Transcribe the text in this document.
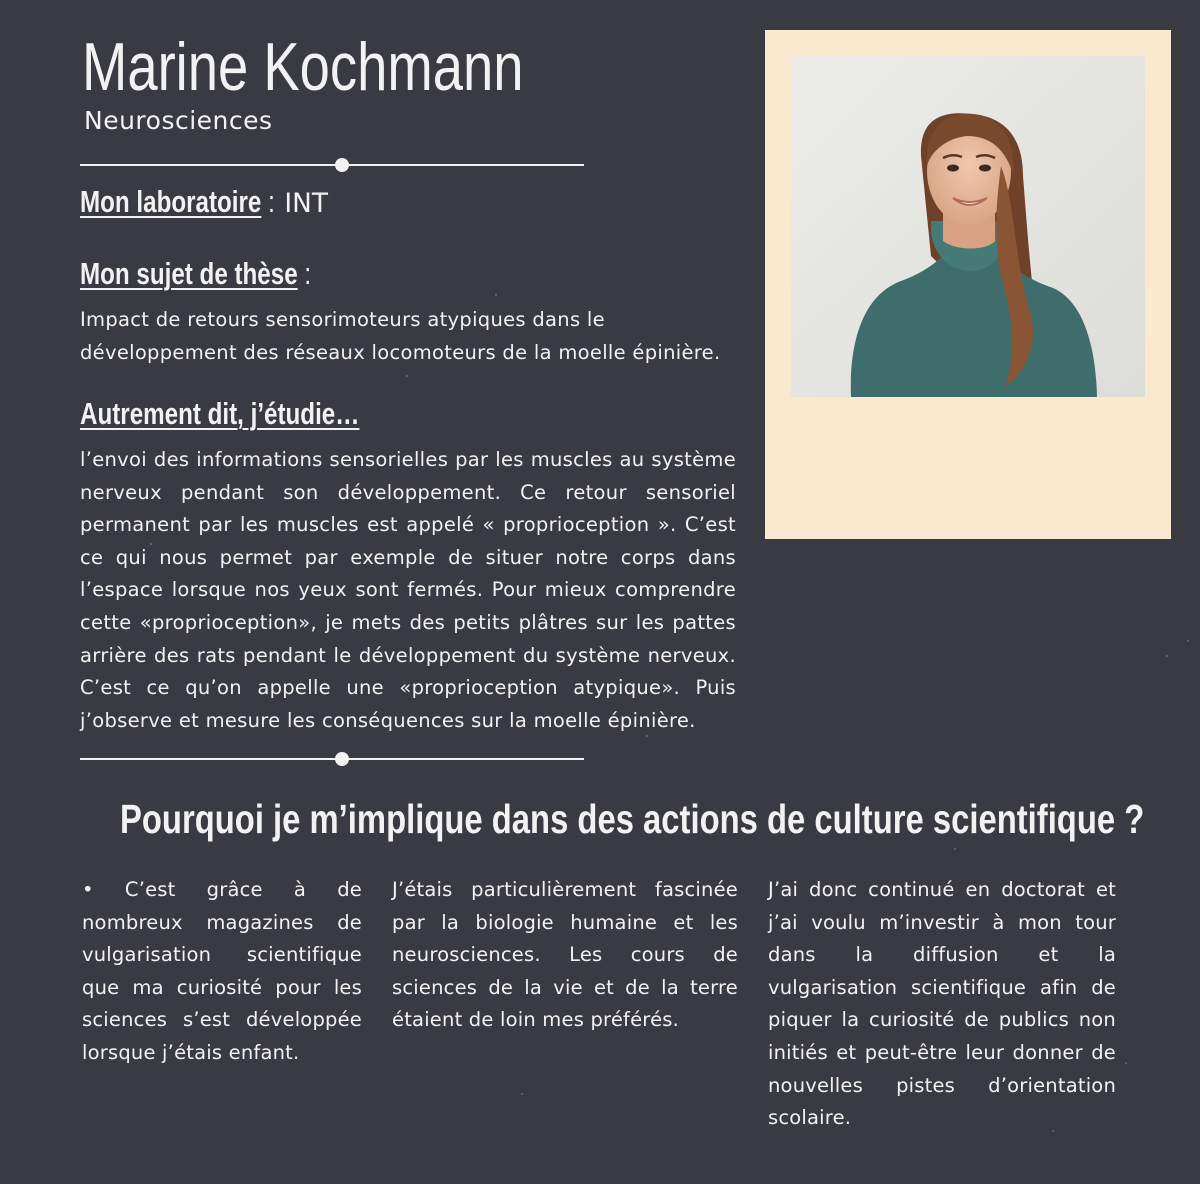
Marine Kochmann

Neurosciences

Mon laboratoire : INT
Mon sujet de thèse :

Impact de retours sensorimoteurs atypiques dans le développement des réseaux locomoteurs de la moelle épinière.

Autrement dit, j’étudie…

l’envoi des informations sensorielles par les muscles au système nerveux pendant son développement. Ce retour sensoriel permanent par les muscles est appelé « proprioception ». C’est ce qui nous permet par exemple de situer notre corps dans l’espace lorsque nos yeux sont fermés. Pour mieux comprendre cette «proprioception», je mets des petits plâtres sur les pattes arrière des rats pendant le développement du système nerveux. C’est ce qu’on appelle une «proprioception atypique». Puis j’observe et mesure les conséquences sur la moelle épinière.

Pourquoi je m’implique dans des actions de culture scientifique ?

• C’est grâce à de nombreux magazines de vulgarisation scientifique que ma curiosité pour les sciences s’est développée lorsque j’étais enfant.

J’étais particulièrement fascinée par la biologie humaine et les neurosciences. Les cours de sciences de la vie et de la terre étaient de loin mes préférés.

J’ai donc continué en doctorat et j’ai voulu m’investir à mon tour dans la diffusion et la vulgarisation scientifique afin de piquer la curiosité de publics non initiés et peut-être leur donner de nouvelles pistes d’orientation scolaire.
